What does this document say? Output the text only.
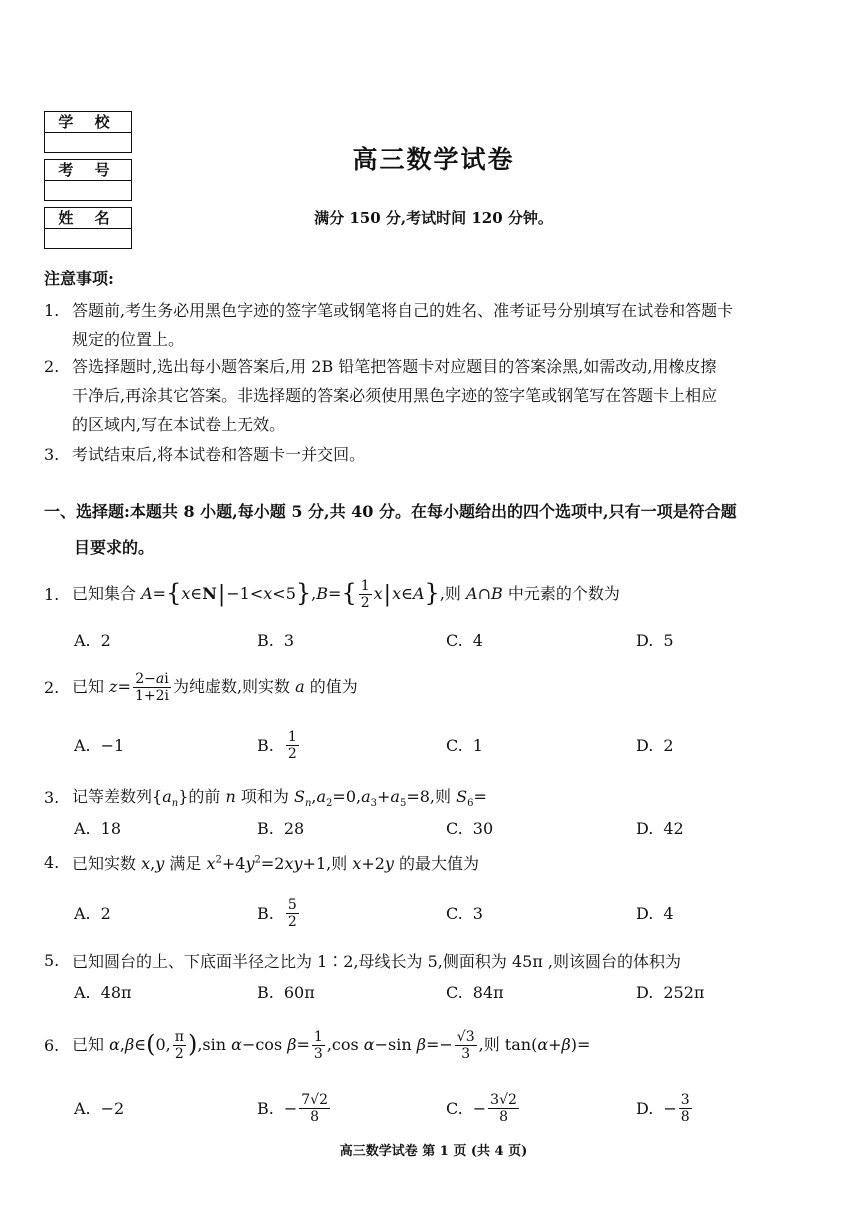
学 校
考 号
姓 名
高三数学试卷
满分 150 分,考试时间 120 分钟。
注意事项:
1. 答题前,考生务必用黑色字迹的签字笔或钢笔将自己的姓名、准考证号分别填写在试卷和答题卡
规定的位置上。
2. 答选择题时,选出每小题答案后,用 2B 铅笔把答题卡对应题目的答案涂黑,如需改动,用橡皮擦
干净后,再涂其它答案。非选择题的答案必须使用黑色字迹的签字笔或钢笔写在答题卡上相应
的区域内,写在本试卷上无效。
3. 考试结束后,将本试卷和答题卡一并交回。
一、选择题:本题共 8 小题,每小题 5 分,共 40 分。在每小题给出的四个选项中,只有一项是符合题
目要求的。
1. 已知集合 A={x∈N|−1<x<5},B={ $\frac{1}{2}$ x|x∈A},则 A∩B 中元素的个数为
A. 2	B. 3	C. 4	D. 5
2. 已知 $z= \frac{2-ai}{1+2i}$ 为纯虚数,则实数 a 的值为
A. −1	B. $\frac{1}{2}$	C. 1	D. 2
3. 记等差数列$\{a_n\}$的前 n 项和为 $S_n,a_2=0,a_3+a_5=8$,则 $S_6=$
A. 18	B. 28	C. 30	D. 42
4. 已知实数 x,y 满足 $x^2+4y^2=2xy+1$,则 x+2y 的最大值为
A. 2	B. $\frac{5}{2}$	C. 3	D. 4
5. 已知圆台的上、下底面半径之比为 1∶2,母线长为 5,侧面积为 45π ,则该圆台的体积为
A. 48π	B. 60π	C. 84π	D. 252π
6. 已知 α,β∈(0, $\frac{\pi}{2} ),\sin$ α−cos $\beta= \frac{1}{3} ,\cos$ α−sin $\beta=- \frac{√3}{3}$ ,则 tan(α+β)=
A. −2	B. − $\frac{7√2}{8}$	C. − $\frac{3√2}{8}$	D. − $\frac{3}{8}$
高三数学试卷 第 1 页 (共 4 页)
